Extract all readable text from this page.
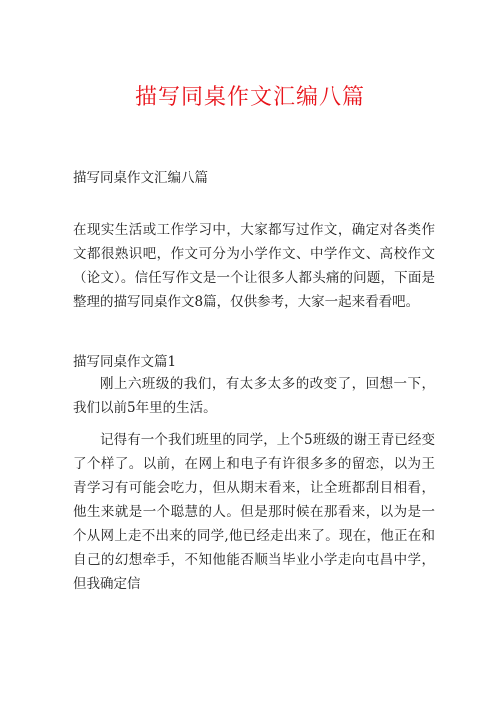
描写同桌作文汇编八篇
描写同桌作文汇编八篇

在现实生活或工作学习中，大家都写过作文，确定对各类作文都很熟识吧，作文可分为小学作文、中学作文、高校作文（论文）。信任写作文是一个让很多人都头痛的问题，下面是整理的描写同桌作文8篇，仅供参考，大家一起来看看吧。

描写同桌作文篇1

刚上六班级的我们，有太多太多的改变了，回想一下，我们以前5年里的生活。

记得有一个我们班里的同学，上个5班级的谢王青已经变了个样了。以前，在网上和电子有许很多多的留恋，以为王青学习有可能会吃力，但从期末看来，让全班都刮目相看，他生来就是一个聪慧的人。但是那时候在那看来，以为是一个从网上走不出来的同学,他已经走出来了。现在，他正在和自己的幻想牵手，不知他能否顺当毕业小学走向屯昌中学，但我确定信
